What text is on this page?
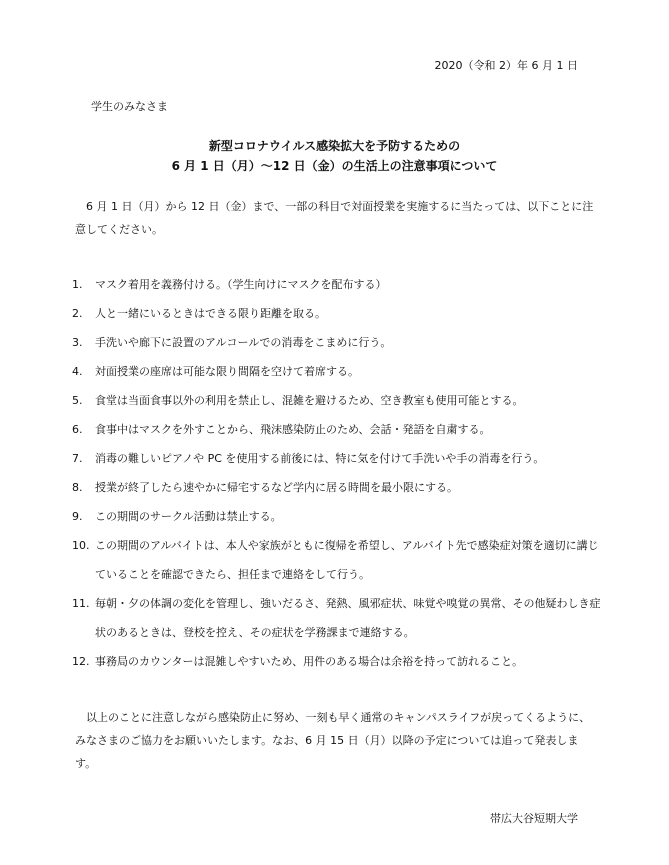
2020（令和 2）年 6 月 1 日
学生のみなさま
新型コロナウイルス感染拡大を予防するための
6 月 1 日（月）～12 日（金）の生活上の注意事項について
6 月 1 日（月）から 12 日（金）まで、一部の科目で対面授業を実施するに当たっては、以下ことに注意してください。
1.	マスク着用を義務付ける。（学生向けにマスクを配布する）
2.	人と一緒にいるときはできる限り距離を取る。
3.	手洗いや廊下に設置のアルコールでの消毒をこまめに行う。
4.	対面授業の座席は可能な限り間隔を空けて着席する。
5.	食堂は当面食事以外の利用を禁止し、混雑を避けるため、空き教室も使用可能とする。
6.	食事中はマスクを外すことから、飛沫感染防止のため、会話・発語を自粛する。
7.	消毒の難しいピアノや PC を使用する前後には、特に気を付けて手洗いや手の消毒を行う。
8.	授業が終了したら速やかに帰宅するなど学内に居る時間を最小限にする。
9.	この期間のサークル活動は禁止する。
10. この期間のアルバイトは、本人や家族がともに復帰を希望し、アルバイト先で感染症対策を適切に講じていることを確認できたら、担任まで連絡をして行う。
11. 毎朝・夕の体調の変化を管理し、強いだるさ、発熱、風邪症状、味覚や嗅覚の異常、その他疑わしき症状のあるときは、登校を控え、その症状を学務課まで連絡する。
12. 事務局のカウンターは混雑しやすいため、用件のある場合は余裕を持って訪れること。
以上のことに注意しながら感染防止に努め、一刻も早く通常のキャンパスライフが戻ってくるように、みなさまのご協力をお願いいたします。なお、6 月 15 日（月）以降の予定については追って発表します。
帯広大谷短期大学
